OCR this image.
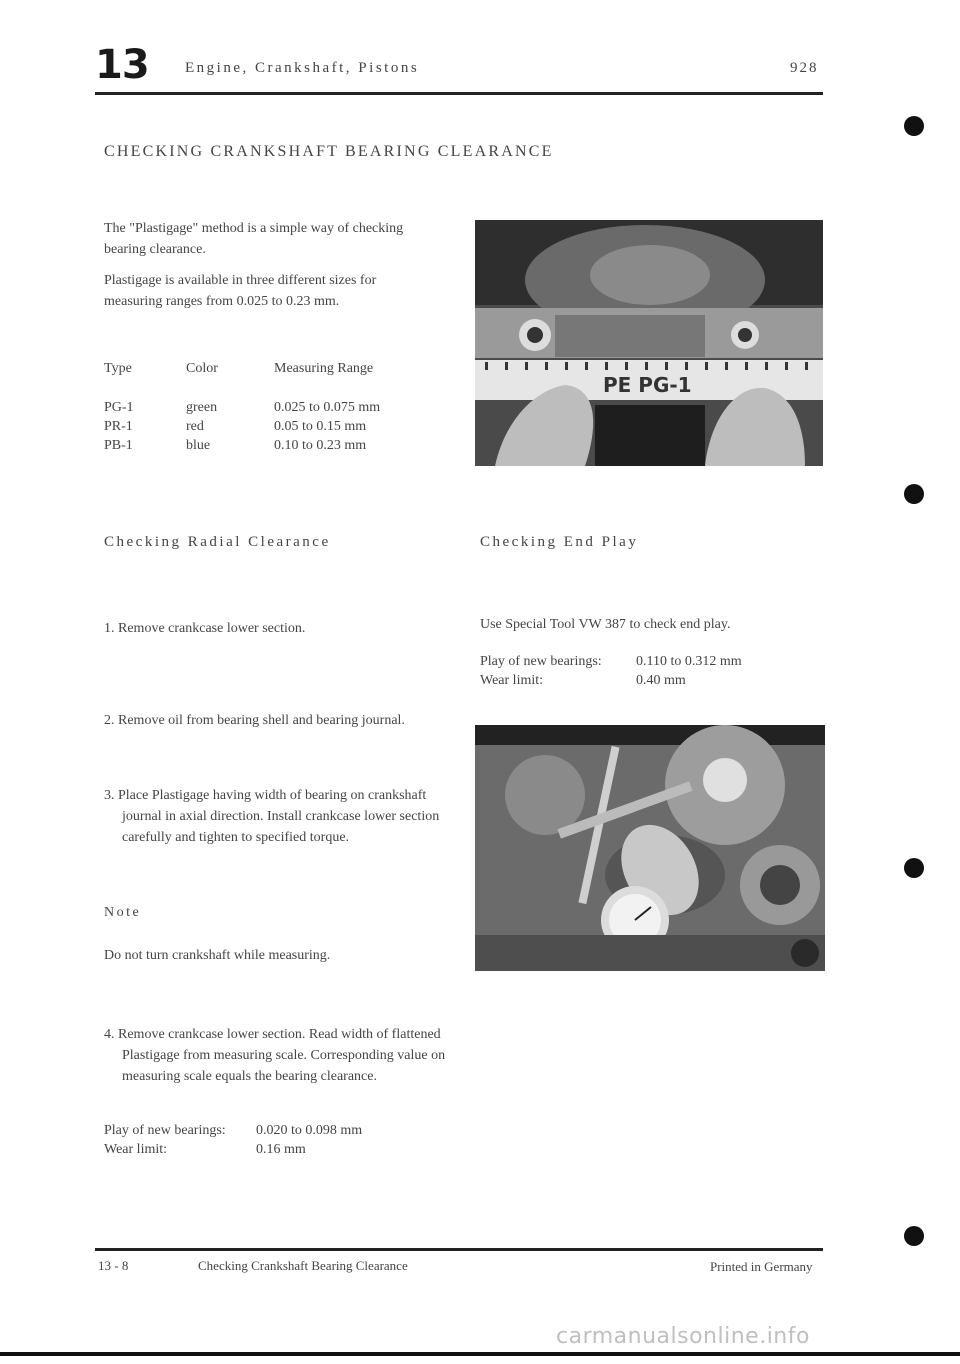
13 Engine, Crankshaft, Pistons	928
CHECKING CRANKSHAFT BEARING CLEARANCE
The "Plastigage" method is a simple way of checking bearing clearance.
Plastigage is available in three different sizes for measuring ranges from 0.025 to 0.23 mm.
Type	Color	Measuring Range
PG-1	green	0.025 to 0.075 mm
PR-1	red	0.05 to 0.15 mm
PB-1	blue	0.10 to 0.23 mm
PE PG-1
Checking Radial Clearance	Checking End Play
1. Remove crankcase lower section.
2. Remove oil from bearing shell and bearing journal.
3. Place Plastigage having width of bearing on crankshaft journal in axial direction. Install crankcase lower section carefully and tighten to specified torque.
Note
Do not turn crankshaft while measuring.
4. Remove crankcase lower section. Read width of flattened Plastigage from measuring scale. Corresponding value on measuring scale equals the bearing clearance.
Play of new bearings:	0.020 to 0.098 mm
Wear limit:	0.16 mm
Use Special Tool VW 387 to check end play.
Play of new bearings:	0.110 to 0.312 mm
Wear limit:	0.40 mm
13 - 8	Checking Crankshaft Bearing Clearance	Printed in Germany
carmanualsonline.info
